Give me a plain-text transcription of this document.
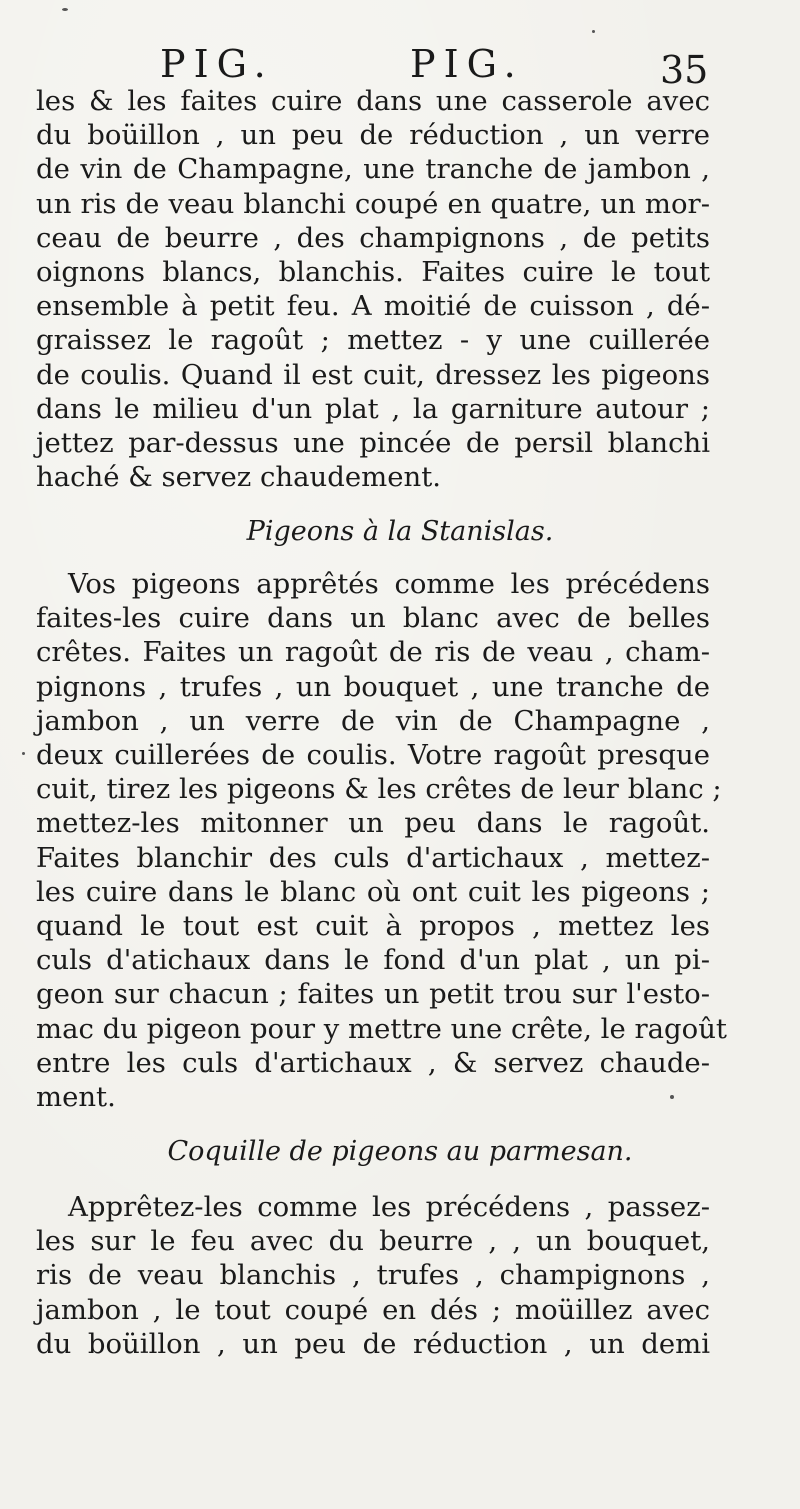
PIG.	PIG.	35
les & les faites cuire dans une casserole avec
du boüillon , un peu de réduction , un verre
de vin de Champagne, une tranche de jambon ,
un ris de veau blanchi coupé en quatre, un mor-
ceau de beurre , des champignons , de petits
oignons blancs, blanchis. Faites cuire le tout
ensemble à petit feu. A moitié de cuisson , dé-
graissez le ragoût ; mettez - y une cuillerée
de coulis. Quand il est cuit, dressez les pigeons
dans le milieu d'un plat , la garniture autour ;
jettez par-dessus une pincée de persil blanchi
haché & servez chaudement.
Pigeons à la Stanislas.
Vos pigeons apprêtés comme les précédens
faites-les cuire dans un blanc avec de belles
crêtes. Faites un ragoût de ris de veau , cham-
pignons , trufes , un bouquet , une tranche de
jambon , un verre de vin de Champagne ,
deux cuillerées de coulis. Votre ragoût presque
cuit, tirez les pigeons & les crêtes de leur blanc ;
mettez-les mitonner un peu dans le ragoût.
Faites blanchir des culs d'artichaux , mettez-
les cuire dans le blanc où ont cuit les pigeons ;
quand le tout est cuit à propos , mettez les
culs d'atichaux dans le fond d'un plat , un pi-
geon sur chacun ; faites un petit trou sur l'esto-
mac du pigeon pour y mettre une crête, le ragoût
entre les culs d'artichaux , & servez chaude-
ment.
Coquille de pigeons au parmesan.
Apprêtez-les comme les précédens , passez-
les sur le feu avec du beurre , , un bouquet,
ris de veau blanchis , trufes , champignons ,
jambon , le tout coupé en dés ; moüillez avec
du boüillon , un peu de réduction , un demi
